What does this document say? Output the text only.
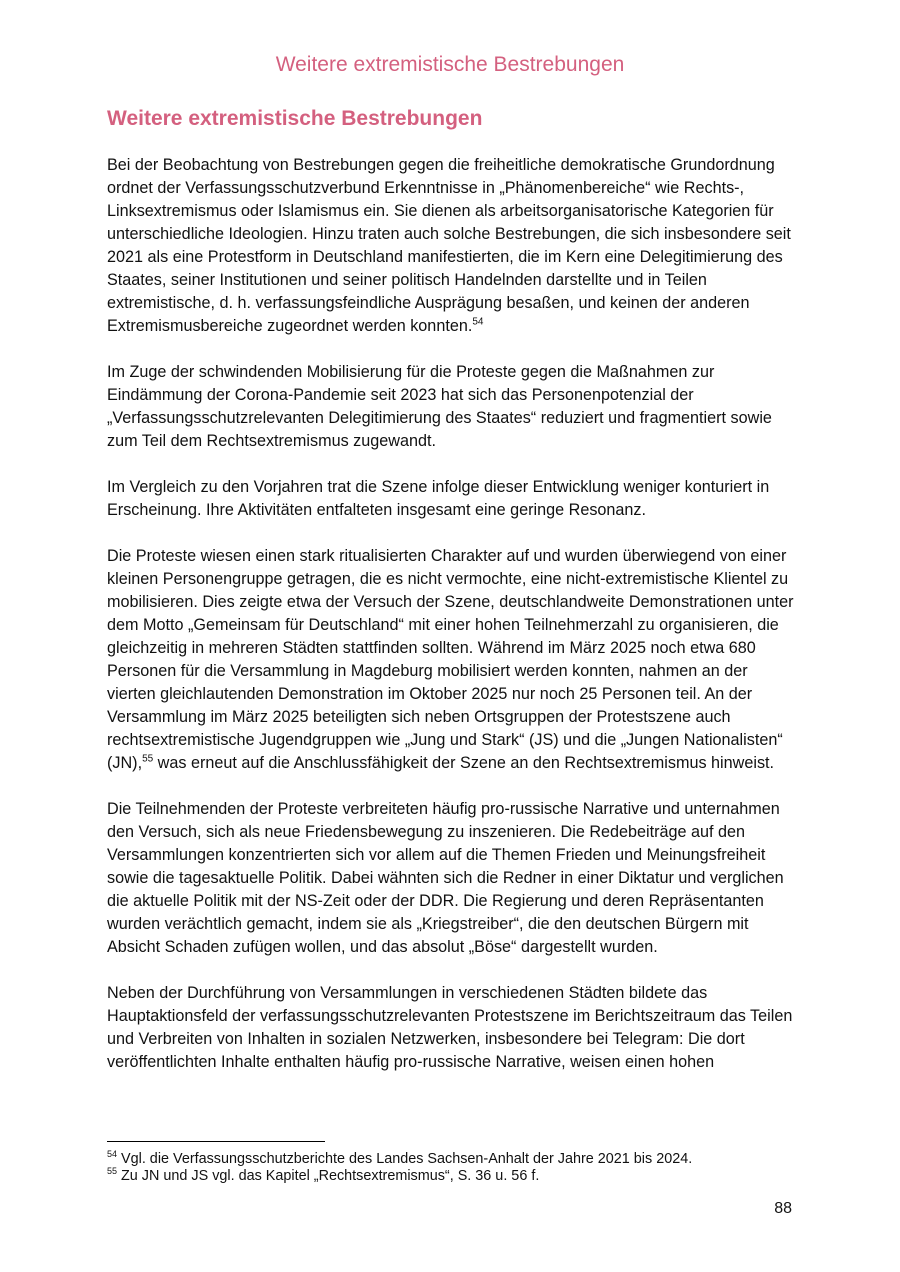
Weitere extremistische Bestrebungen
Weitere extremistische Bestrebungen

Bei der Beobachtung von Bestrebungen gegen die freiheitliche demokratische Grundordnung ordnet der Verfassungsschutzverbund Erkenntnisse in „Phänomenbereiche“ wie Rechts-, Linksextremismus oder Islamismus ein. Sie dienen als arbeitsorganisatorische Kategorien für unterschiedliche Ideologien. Hinzu traten auch solche Bestrebungen, die sich insbesondere seit 2021 als eine Protestform in Deutschland manifestierten, die im Kern eine Delegitimierung des Staates, seiner Institutionen und seiner politisch Handelnden darstellte und in Teilen extremistische, d. h. verfassungsfeindliche Ausprägung besaßen, und keinen der anderen Extremismusbereiche zugeordnet werden konnten.$^{54}$

Im Zuge der schwindenden Mobilisierung für die Proteste gegen die Maßnahmen zur Eindämmung der Corona-Pandemie seit 2023 hat sich das Personenpotenzial der „Verfassungsschutzrelevanten Delegitimierung des Staates“ reduziert und fragmentiert sowie zum Teil dem Rechtsextremismus zugewandt.

Im Vergleich zu den Vorjahren trat die Szene infolge dieser Entwicklung weniger konturiert in Erscheinung. Ihre Aktivitäten entfalteten insgesamt eine geringe Resonanz.

Die Proteste wiesen einen stark ritualisierten Charakter auf und wurden überwiegend von einer kleinen Personengruppe getragen, die es nicht vermochte, eine nicht-extremistische Klientel zu mobilisieren. Dies zeigte etwa der Versuch der Szene, deutschlandweite Demonstrationen unter dem Motto „Gemeinsam für Deutschland“ mit einer hohen Teilnehmerzahl zu organisieren, die gleichzeitig in mehreren Städten stattfinden sollten. Während im März 2025 noch etwa 680 Personen für die Versammlung in Magdeburg mobilisiert werden konnten, nahmen an der vierten gleichlautenden Demonstration im Oktober 2025 nur noch 25 Personen teil. An der Versammlung im März 2025 beteiligten sich neben Ortsgruppen der Protestszene auch rechtsextremistische Jugendgruppen wie „Jung und Stark“ (JS) und die „Jungen Nationalisten“ (JN),$^{55}$ was erneut auf die Anschlussfähigkeit der Szene an den Rechtsextremismus hinweist.

Die Teilnehmenden der Proteste verbreiteten häufig pro-russische Narrative und unternahmen den Versuch, sich als neue Friedensbewegung zu inszenieren. Die Redebeiträge auf den Versammlungen konzentrierten sich vor allem auf die Themen Frieden und Meinungsfreiheit sowie die tagesaktuelle Politik. Dabei wähnten sich die Redner in einer Diktatur und verglichen die aktuelle Politik mit der NS-Zeit oder der DDR. Die Regierung und deren Repräsentanten wurden verächtlich gemacht, indem sie als „Kriegstreiber“, die den deutschen Bürgern mit Absicht Schaden zufügen wollen, und das absolut „Böse“ dargestellt wurden.

Neben der Durchführung von Versammlungen in verschiedenen Städten bildete das Hauptaktionsfeld der verfassungsschutzrelevanten Protestszene im Berichtszeitraum das Teilen und Verbreiten von Inhalten in sozialen Netzwerken, insbesondere bei Telegram: Die dort veröffentlichten Inhalte enthalten häufig pro-russische Narrative, weisen einen hohen

$^{54}$ Vgl. die Verfassungsschutzberichte des Landes Sachsen-Anhalt der Jahre 2021 bis 2024.
$^{55}$ Zu JN und JS vgl. das Kapitel „Rechtsextremismus“, S. 36 u. 56 f.
88
